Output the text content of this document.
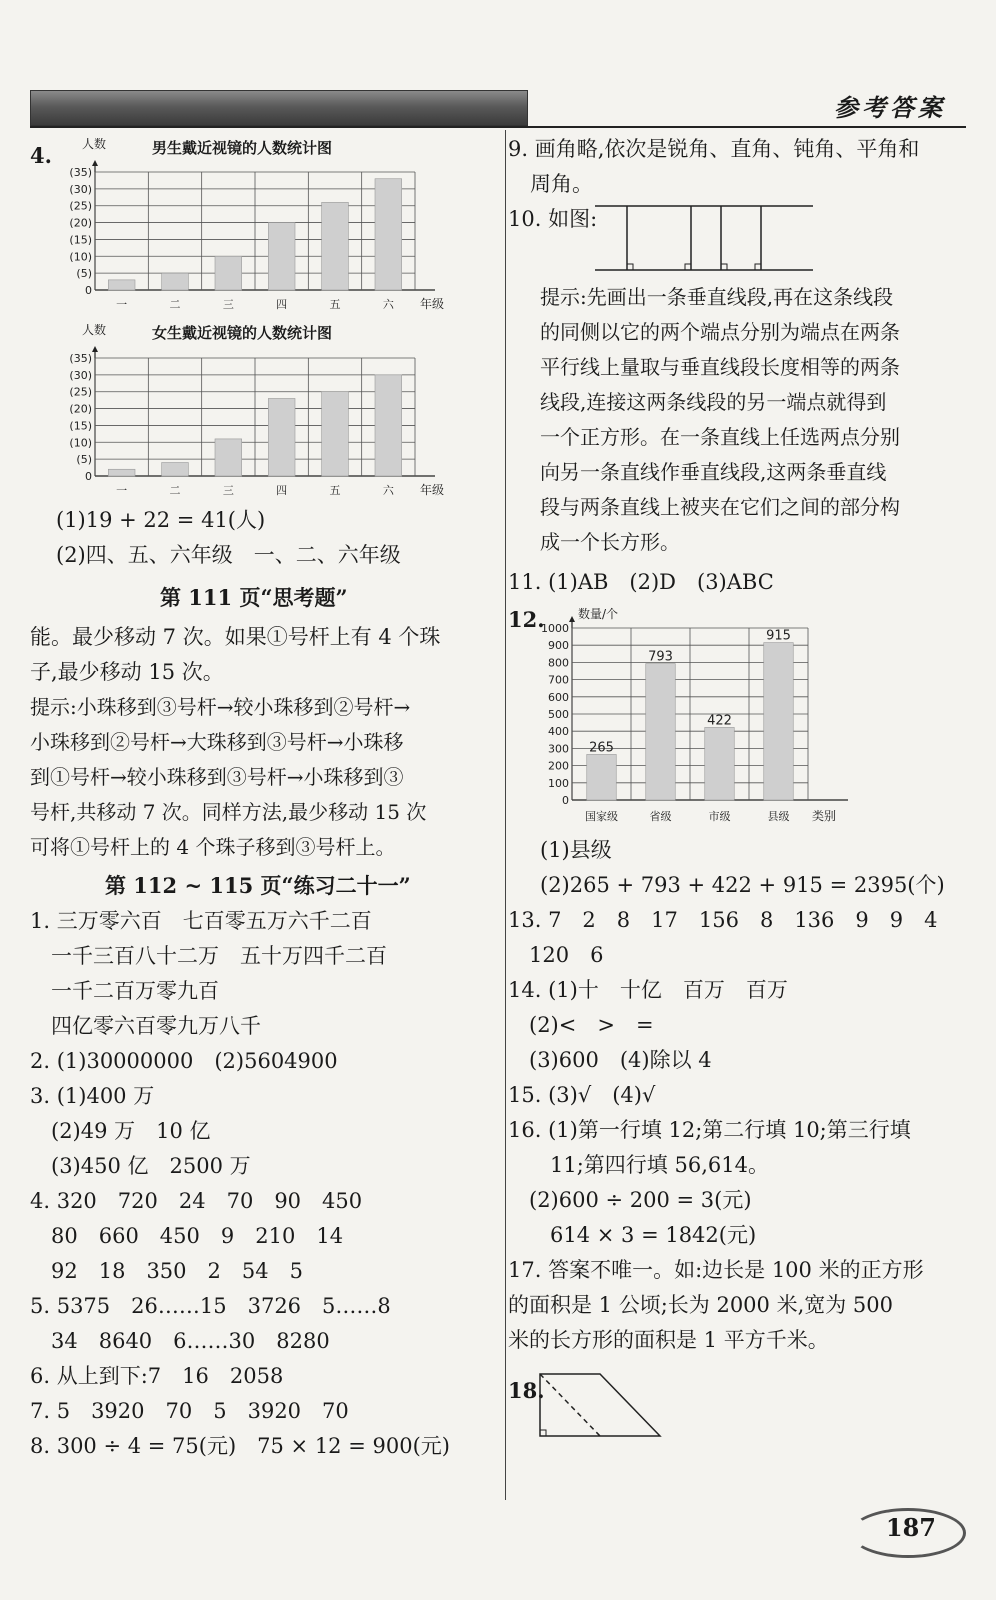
参考答案
4.	男生戴近视镜的人数统计图
人数
年级
0
(5)
(10)
(15)
(20)
(25)
(30)
(35)
一	二	三	四	五	六
女生戴近视镜的人数统计图
人数
年级
0
(5)
(10)
(15)
(20)
(25)
(30)
(35)
一	二	三	四	五	六
(1)19 + 22 = 41(人)
(2)四、五、六年级　一、二、六年级
第 111 页“思考题”
能。最少移动 7 次。如果①号杆上有 4 个珠
子,最少移动 15 次。
提示:小珠移到③号杆→较小珠移到②号杆→
小珠移到②号杆→大珠移到③号杆→小珠移
到①号杆→较小珠移到③号杆→小珠移到③
号杆,共移动 7 次。同样方法,最少移动 15 次
可将①号杆上的 4 个珠子移到③号杆上。
第 112 ~ 115 页“练习二十一”
1. 三万零六百　七百零五万六千二百
　一千三百八十二万　五十万四千二百
　一千二百万零九百
　四亿零六百零九万八千
2. (1)30000000　(2)5604900
3. (1)400 万
　(2)49 万　10 亿
　(3)450 亿　2500 万
4. 320　720　24　70　90　450
　80　660　450　9　210　14
　92　18　350　2　54　5
5. 5375　26……15　3726　5……8
　34　8640　6……30　8280
6. 从上到下:7　16　2058
7. 5　3920　70　5　3920　70
8. 300 ÷ 4 = 75(元)　75 × 12 = 900(元)
9. 画角略,依次是锐角、直角、钝角、平角和
周角。
10. 如图:
提示:先画出一条垂直线段,再在这条线段
的同侧以它的两个端点分别为端点在两条
平行线上量取与垂直线段长度相等的两条
线段,连接这两条线段的另一端点就得到
一个正方形。在一条直线上任选两点分别
向另一条直线作垂直线段,这两条垂直线
段与两条直线上被夹在它们之间的部分构
成一个长方形。
11. (1)AB　(2)D　(3)ABC
12.	数量/个
类别
0
100
200
300
400
500
600
700
800
900
1000
国家级
265
省级
793
市级
422
县级
915
(1)县级
(2)265 + 793 + 422 + 915 = 2395(个)
13. 7　2　8　17　156　8　136　9　9　4
　120　6
14. (1)十　十亿　百万　百万
　(2)<　>　=
　(3)600　(4)除以 4
15. (3)√　(4)√
16. (1)第一行填 12;第二行填 10;第三行填
　　11;第四行填 56,614。
　(2)600 ÷ 200 = 3(元)
　　614 × 3 = 1842(元)
17. 答案不唯一。如:边长是 100 米的正方形
的面积是 1 公顷;长为 2000 米,宽为 500
米的长方形的面积是 1 平方千米。
18.
187
